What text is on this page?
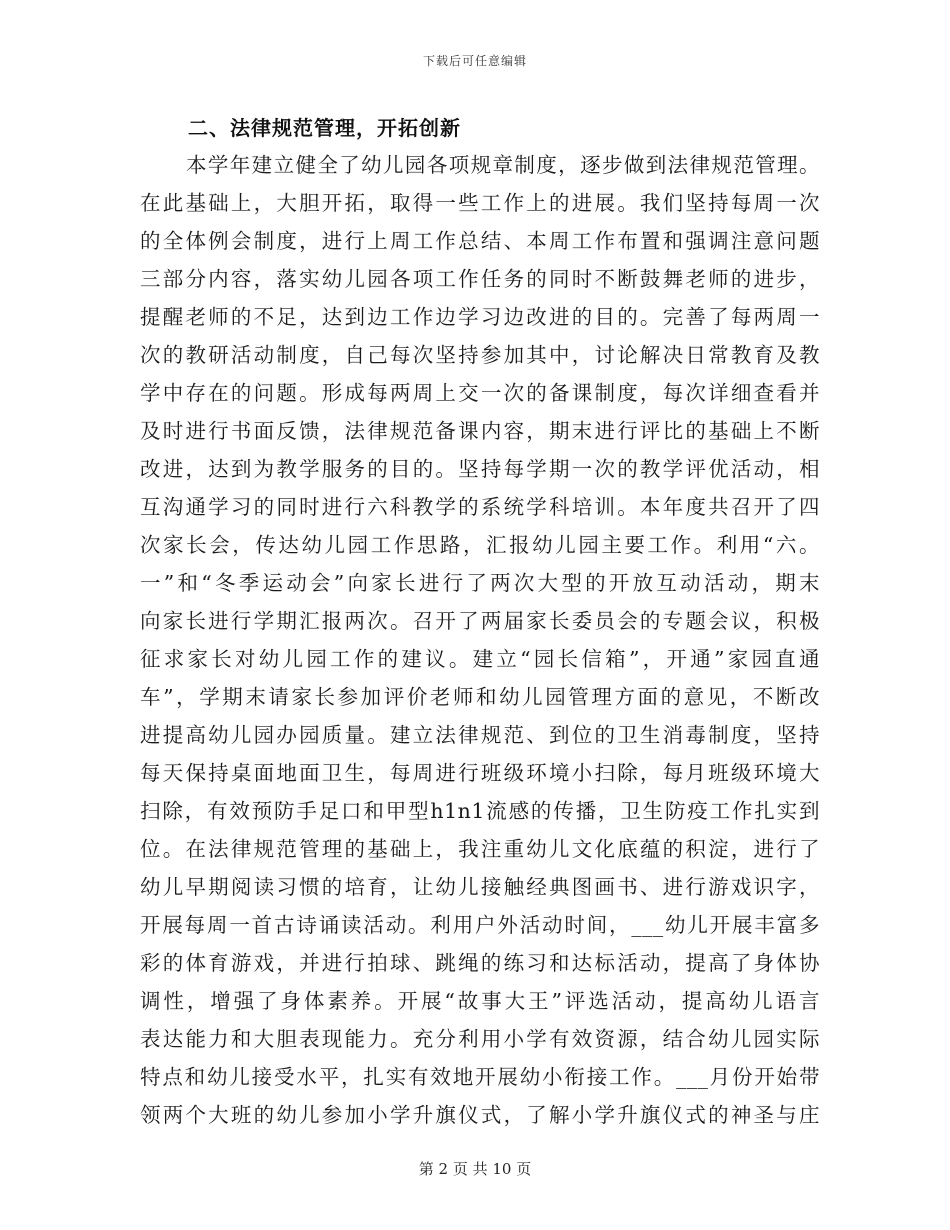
下载后可任意编辑
二、法律规范管理，开拓创新
本学年建立健全了幼儿园各项规章制度，逐步做到法律规范管理。
在此基础上，大胆开拓，取得一些工作上的进展。我们坚持每周一次
的全体例会制度，进行上周工作总结、本周工作布置和强调注意问题
三部分内容，落实幼儿园各项工作任务的同时不断鼓舞老师的进步，
提醒老师的不足，达到边工作边学习边改进的目的。完善了每两周一
次的教研活动制度，自己每次坚持参加其中，讨论解决日常教育及教
学中存在的问题。形成每两周上交一次的备课制度，每次详细查看并
及时进行书面反馈，法律规范备课内容，期末进行评比的基础上不断
改进，达到为教学服务的目的。坚持每学期一次的教学评优活动，相
互沟通学习的同时进行六科教学的系统学科培训。本年度共召开了四
次家长会，传达幼儿园工作思路，汇报幼儿园主要工作。利用“六。
一”和“冬季运动会”向家长进行了两次大型的开放互动活动，期末
向家长进行学期汇报两次。召开了两届家长委员会的专题会议，积极
征求家长对幼儿园工作的建议。建立“园长信箱”，开通”家园直通
车”，学期末请家长参加评价老师和幼儿园管理方面的意见，不断改
进提高幼儿园办园质量。建立法律规范、到位的卫生消毒制度，坚持
每天保持桌面地面卫生，每周进行班级环境小扫除，每月班级环境大
扫除，有效预防手足口和甲型h1n1流感的传播，卫生防疫工作扎实到
位。在法律规范管理的基础上，我注重幼儿文化底蕴的积淀，进行了
幼儿早期阅读习惯的培育，让幼儿接触经典图画书、进行游戏识字，
开展每周一首古诗诵读活动。利用户外活动时间，___幼儿开展丰富多
彩的体育游戏，并进行拍球、跳绳的练习和达标活动，提高了身体协
调性，增强了身体素养。开展“故事大王”评选活动，提高幼儿语言
表达能力和大胆表现能力。充分利用小学有效资源，结合幼儿园实际
特点和幼儿接受水平，扎实有效地开展幼小衔接工作。___月份开始带
领两个大班的幼儿参加小学升旗仪式，了解小学升旗仪式的神圣与庄
第 2 页 共 10 页
